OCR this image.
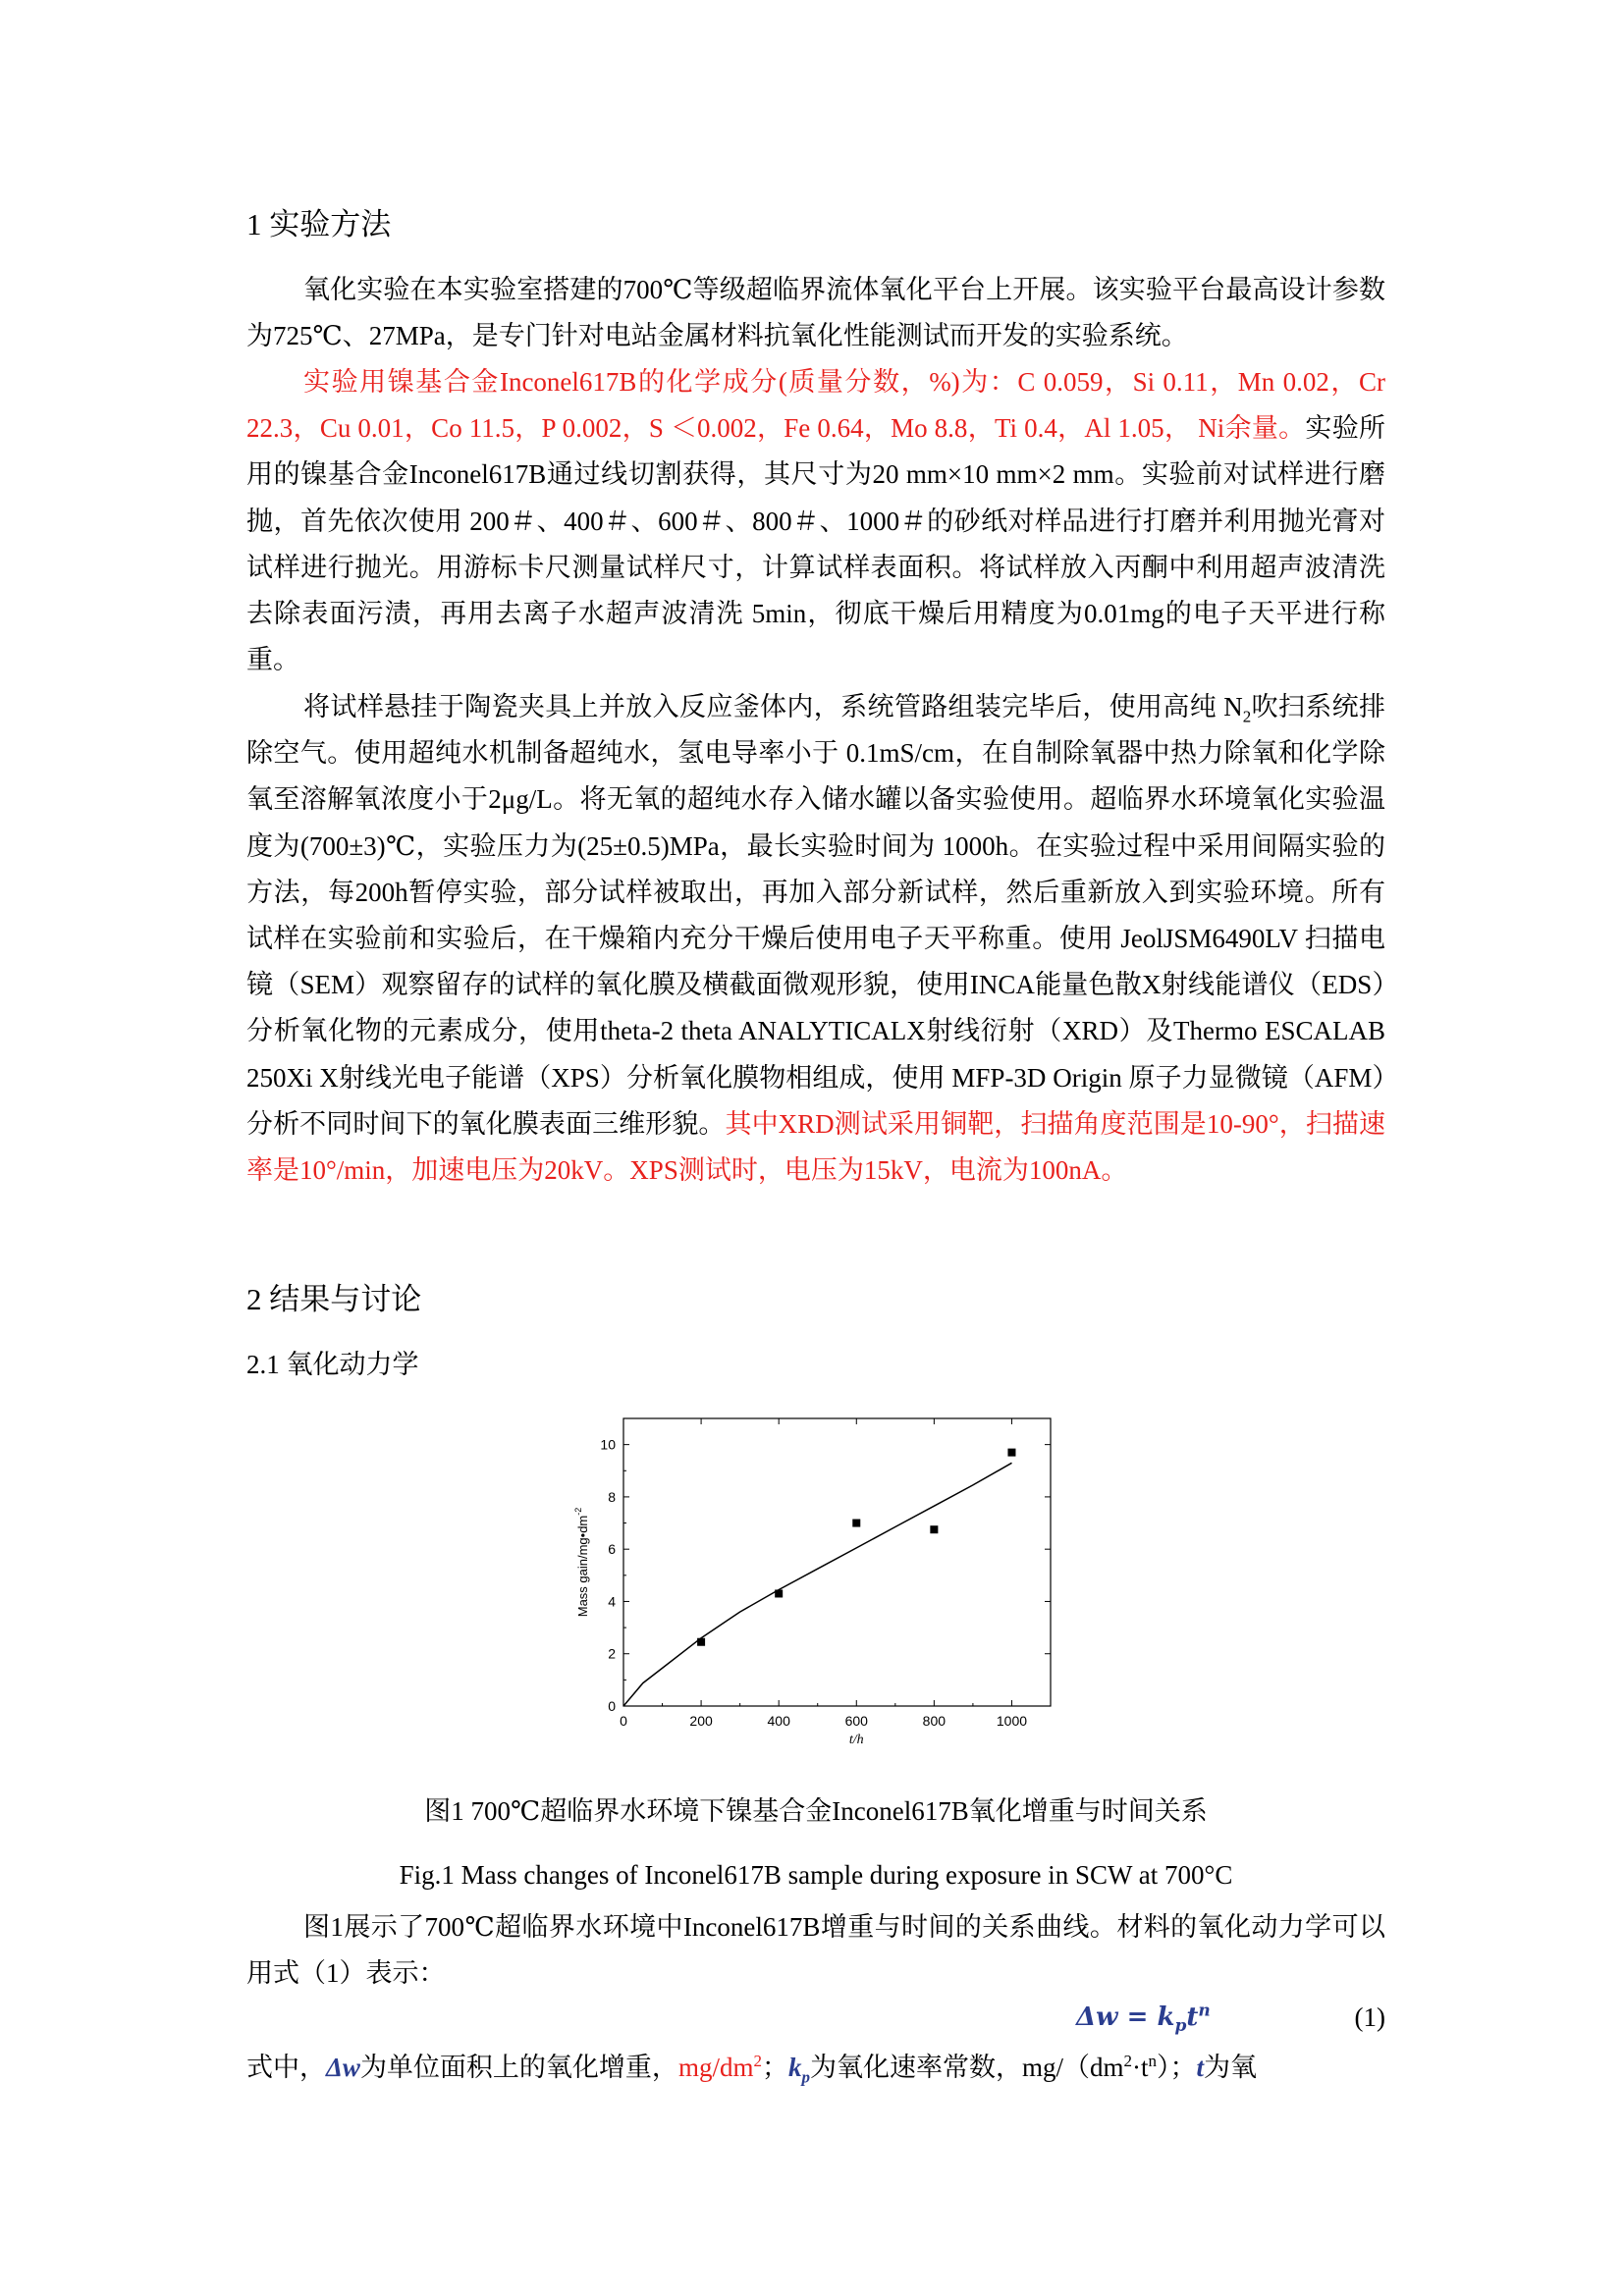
1 实验方法
氧化实验在本实验室搭建的700℃等级超临界流体氧化平台上开展。该实验平台最高设计参数为725℃、27MPa，是专门针对电站金属材料抗氧化性能测试而开发的实验系统。
实验用镍基合金Inconel617B的化学成分(质量分数，%)为：C 0.059，Si 0.11，Mn 0.02，Cr 22.3，Cu 0.01，Co 11.5，P 0.002，S ＜0.002，Fe 0.64，Mo 8.8，Ti 0.4，Al 1.05， Ni余量。实验所用的镍基合金Inconel617B通过线切割获得，其尺寸为20 mm×10 mm×2 mm。实验前对试样进行磨抛，首先依次使用 200＃、400＃、600＃、800＃、1000＃的砂纸对样品进行打磨并利用抛光膏对试样进行抛光。用游标卡尺测量试样尺寸，计算试样表面积。将试样放入丙酮中利用超声波清洗去除表面污渍，再用去离子水超声波清洗 5min，彻底干燥后用精度为0.01mg的电子天平进行称重。
将试样悬挂于陶瓷夹具上并放入反应釜体内，系统管路组装完毕后，使用高纯 $N_2$吹扫系统排除空气。使用超纯水机制备超纯水，氢电导率小于 0.1mS/cm，在自制除氧器中热力除氧和化学除氧至溶解氧浓度小于2μg/L。将无氧的超纯水存入储水罐以备实验使用。超临界水环境氧化实验温度为(700±3)℃，实验压力为(25±0.5)MPa，最长实验时间为 1000h。在实验过程中采用间隔实验的方法，每200h暂停实验，部分试样被取出，再加入部分新试样，然后重新放入到实验环境。所有试样在实验前和实验后，在干燥箱内充分干燥后使用电子天平称重。使用 JeolJSM6490LV 扫描电镜（SEM）观察留存的试样的氧化膜及横截面微观形貌，使用INCA能量色散X射线能谱仪（EDS）分析氧化物的元素成分，使用theta-2 theta ANALYTICALX射线衍射（XRD）及Thermo ESCALAB 250Xi X射线光电子能谱（XPS）分析氧化膜物相组成，使用 MFP-3D Origin 原子力显微镜（AFM）分析不同时间下的氧化膜表面三维形貌。其中XRD测试采用铜靶，扫描角度范围是10-90°，扫描速率是10°/min，加速电压为20kV。XPS测试时，电压为15kV，电流为100nA。
2 结果与讨论
2.1 氧化动力学
0	200	400	600	800	1000
0
2
4
6
8
10
t/h
Mass gain/$mg•dm^{-2}$
图1 700℃超临界水环境下镍基合金Inconel617B氧化增重与时间关系
Fig.1 Mass changes of Inconel617B sample during exposure in SCW at 700°C
图1展示了700℃超临界水环境中Inconel617B增重与时间的关系曲线。材料的氧化动力学可以用式（1）表示：
$\Delta w = k_pt^n$	(1)
式中，Δw为单位面积上的氧化增重，$mg/dm^2$；$k_p$为氧化速率常数，$mg/(dm^2\cdot t^n)$；t为氧
